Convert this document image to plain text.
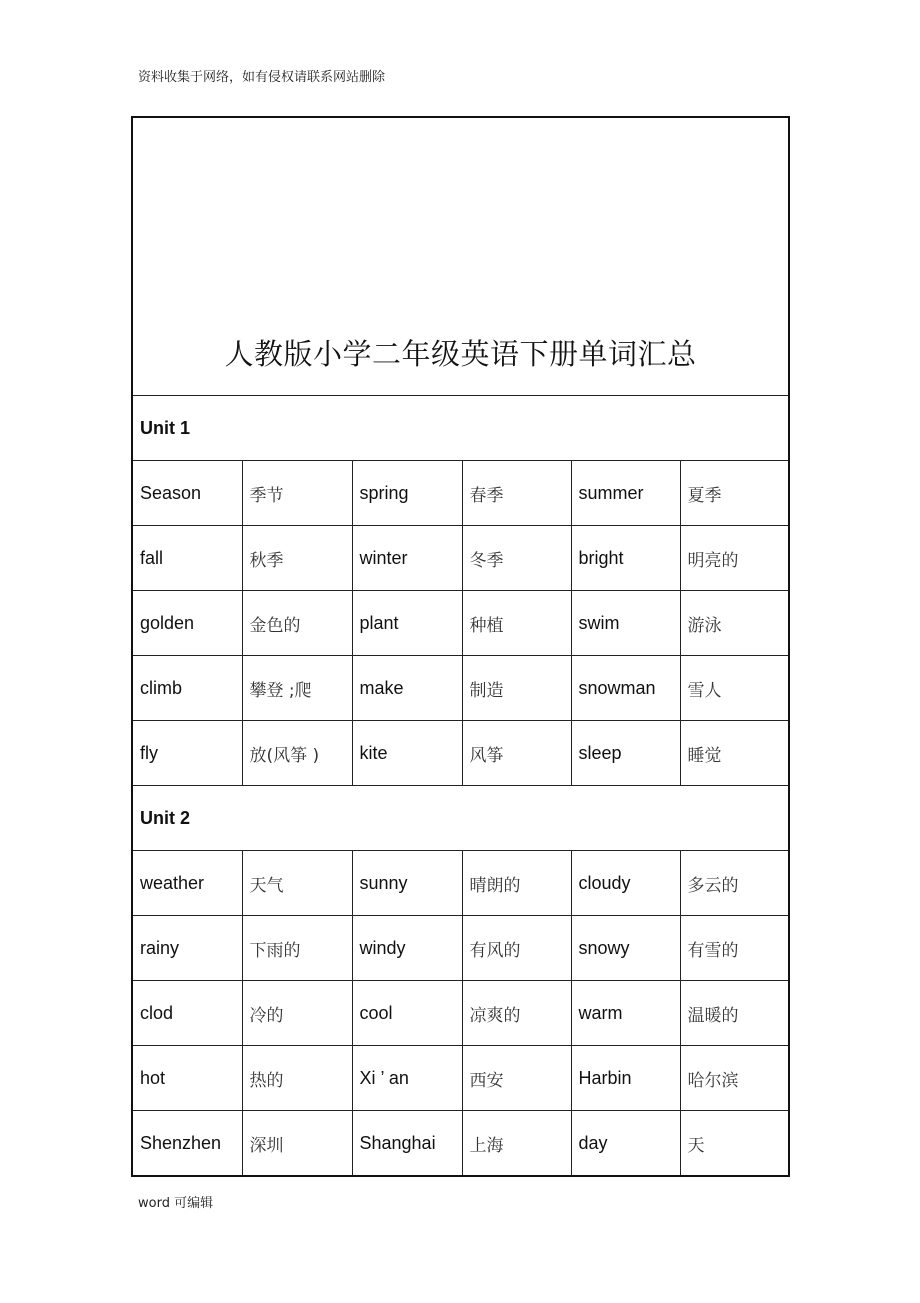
资料收集于网络，如有侵权请联系网站删除
人教版小学二年级英语下册单词汇总					
Unit 1					
Season	季节	spring	春季	summer	夏季
fall	秋季	winter	冬季	bright	明亮的
golden	金色的	plant	种植	swim	游泳
climb	攀登 ;爬	make	制造	snowman	雪人
fly	放(风筝 )	kite	风筝	sleep	睡觉
Unit 2					
weather	天气	sunny	晴朗的	cloudy	多云的
rainy	下雨的	windy	有风的	snowy	有雪的
clod	冷的	cool	凉爽的	warm	温暖的
hot	热的	Xi ’ an	西安	Harbin	哈尔滨
Shenzhen	深圳	Shanghai	上海	day	天
word 可编辑
